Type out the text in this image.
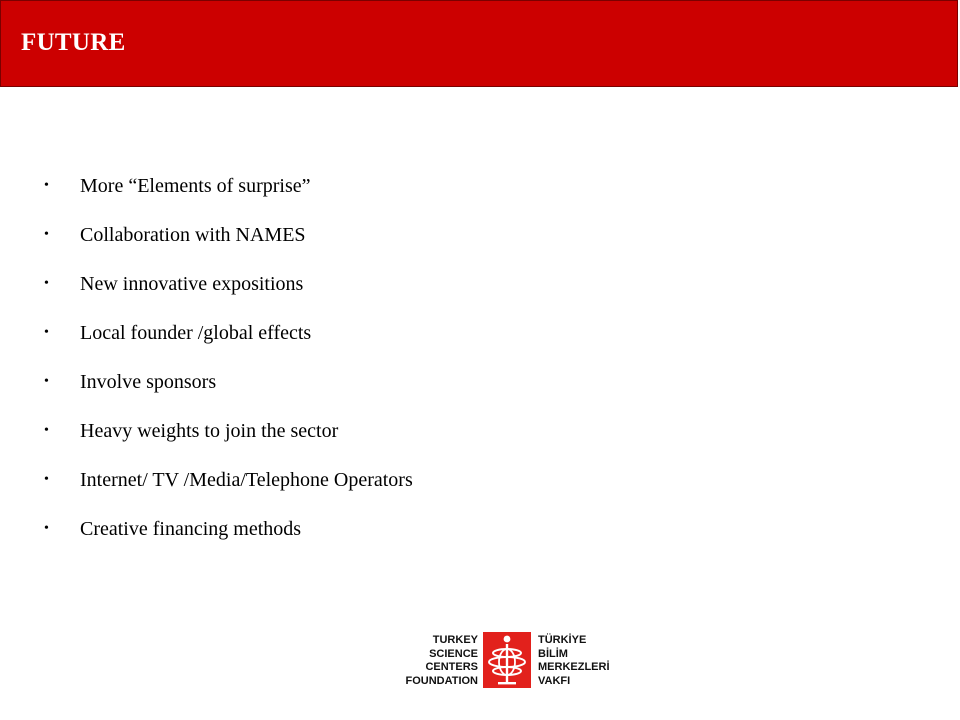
FUTURE
•	More “Elements of surprise”
•	Collaboration with NAMES
•	New innovative expositions
•	Local founder /global effects
•	Involve sponsors
•	Heavy weights to join the sector
•	Internet/ TV /Media/Telephone Operators
•	Creative financing methods
TURKEY
SCIENCE
CENTERS
FOUNDATION
TÜRKİYE
BİLİM
MERKEZLERİ
VAKFI
